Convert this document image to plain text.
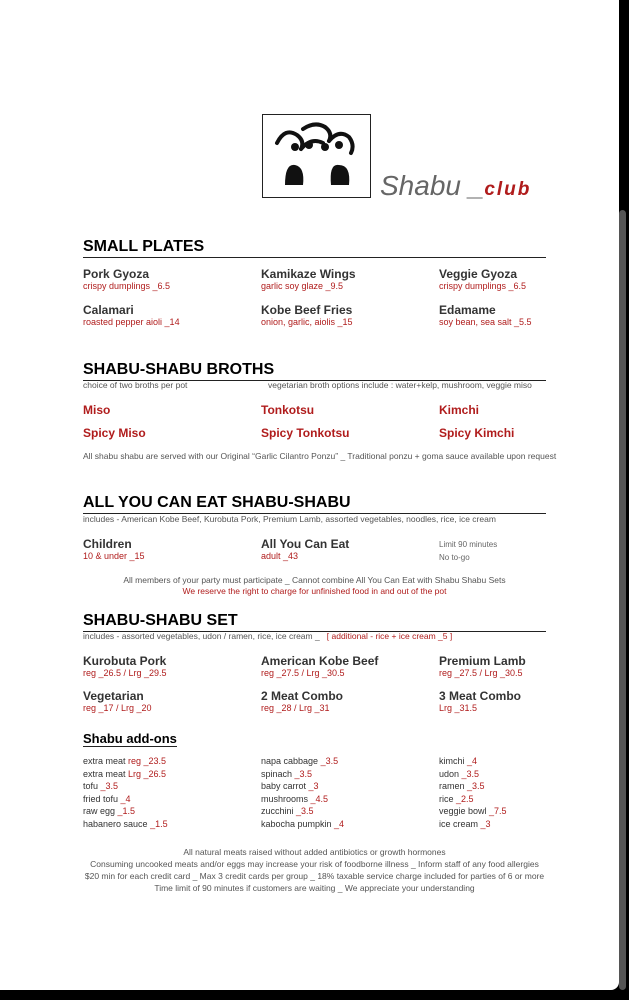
Shabu _club
SMALL PLATES
Pork Gyoza
crispy dumplings _6.5
Kamikaze Wings
garlic soy glaze _9.5
Veggie Gyoza
crispy dumplings _6.5
Calamari
roasted pepper aioli _14
Kobe Beef Fries
onion, garlic, aiolis _15
Edamame
soy bean, sea salt _5.5
SHABU-SHABU BROTHS
choice of two broths per pot	vegetarian broth options include : water+kelp, mushroom, veggie miso
Miso	Tonkotsu	Kimchi
Spicy Miso	Spicy Tonkotsu	Spicy Kimchi
All shabu shabu are served with our Original “Garlic Cilantro Ponzu” _ Traditional ponzu + goma sauce available upon request
ALL YOU CAN EAT SHABU-SHABU
includes - American Kobe Beef, Kurobuta Pork, Premium Lamb, assorted vegetables, noodles, rice, ice cream
Children
10 & under _15
All You Can Eat
adult _43
Limit 90 minutes
No to-go
All members of your party must participate _ Cannot combine All You Can Eat with Shabu Shabu Sets
We reserve the right to charge for unfinished food in and out of the pot
SHABU-SHABU SET
includes - assorted vegetables, udon / ramen, rice, ice cream _ [ additional - rice + ice cream _5 ]
Kurobuta Pork
reg _26.5 / Lrg _29.5
American Kobe Beef
reg _27.5 / Lrg _30.5
Premium Lamb
reg _27.5 / Lrg _30.5
Vegetarian
reg _17 / Lrg _20
2 Meat Combo
reg _28 / Lrg _31
3 Meat Combo
Lrg _31.5
Shabu add-ons
extra meat reg _23.5
extra meat Lrg _26.5
tofu _3.5
fried tofu _4
raw egg _1.5
habanero sauce _1.5
napa cabbage _3.5
spinach _3.5
baby carrot _3
mushrooms _4.5
zucchini _3.5
kabocha pumpkin _4
kimchi _4
udon _3.5
ramen _3.5
rice _2.5
veggie bowl _7.5
ice cream _3
All natural meats raised without added antibiotics or growth hormones
Consuming uncooked meats and/or eggs may increase your risk of foodborne illness _ Inform staff of any food allergies
$20 min for each credit card _ Max 3 credit cards per group _ 18% taxable service charge included for parties of 6 or more
Time limit of 90 minutes if customers are waiting _ We appreciate your understanding
